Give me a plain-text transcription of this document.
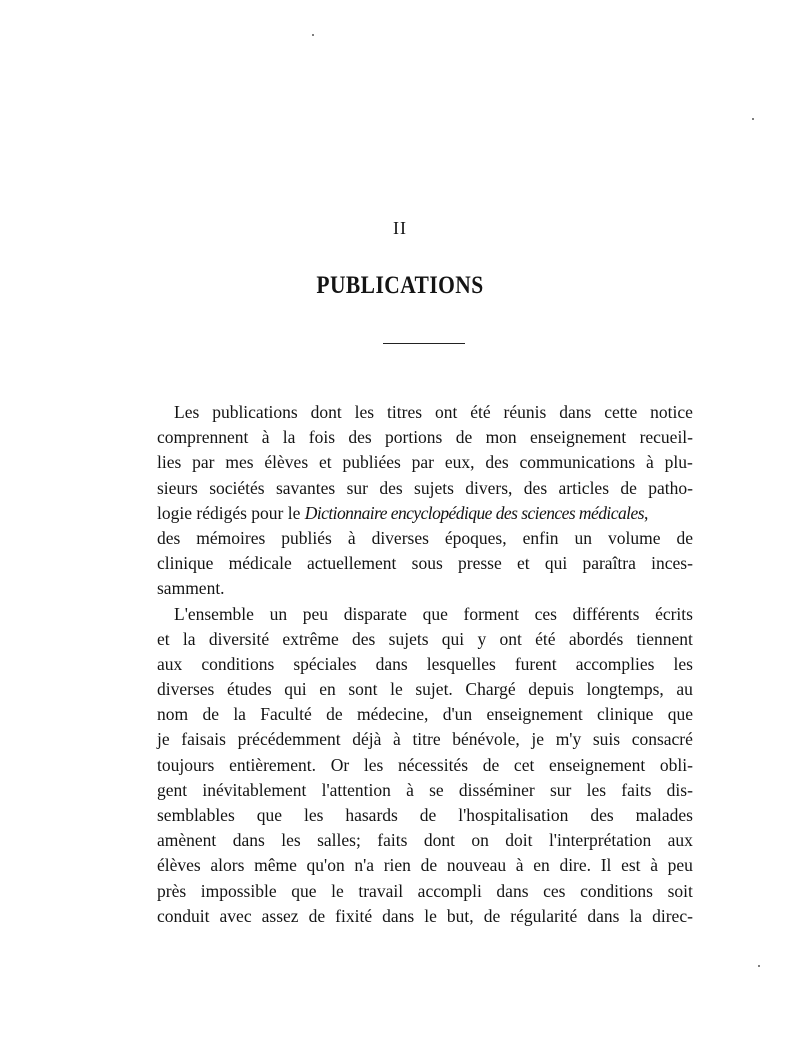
II
PUBLICATIONS
Les publications dont les titres ont été réunis dans cette notice
comprennent à la fois des portions de mon enseignement recueil-
lies par mes élèves et publiées par eux, des communications à plu-
sieurs sociétés savantes sur des sujets divers, des articles de patho-
logie rédigés pour le Dictionnaire encyclopédique des sciences médicales ,
des mémoires publiés à diverses époques, enfin un volume de
clinique médicale actuellement sous presse et qui paraîtra inces-
samment.
L'ensemble un peu disparate que forment ces différents écrits
et la diversité extrême des sujets qui y ont été abordés tiennent
aux conditions spéciales dans lesquelles furent accomplies les
diverses études qui en sont le sujet. Chargé depuis longtemps, au
nom de la Faculté de médecine, d'un enseignement clinique que
je faisais précédemment déjà à titre bénévole, je m'y suis consacré
toujours entièrement. Or les nécessités de cet enseignement obli-
gent inévitablement l'attention à se disséminer sur les faits dis-
semblables que les hasards de l'hospitalisation des malades
amènent dans les salles; faits dont on doit l'interprétation aux
élèves alors même qu'on n'a rien de nouveau à en dire. Il est à peu
près impossible que le travail accompli dans ces conditions soit
conduit avec assez de fixité dans le but, de régularité dans la direc-
